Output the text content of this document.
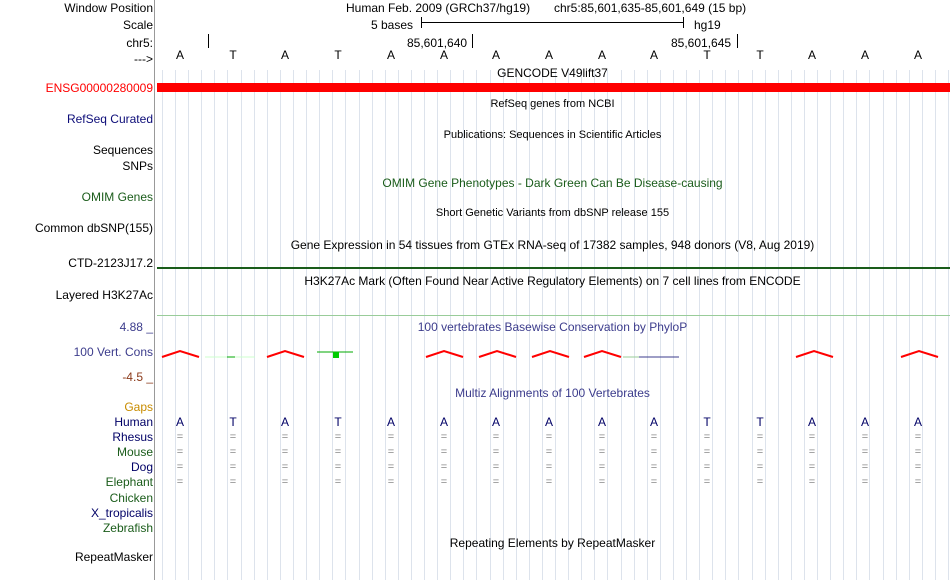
Window Position
Scale
chr5:
--->
Human Feb. 2009 (GRCh37/hg19) chr5:85,601,635-85,601,649 (15 bp)
5 bases	hg19
85,601,640	85,601,645
A	T	A	T	A	A	A	A	A	A	T	T	A	A	A
GENCODE V49lift37
ENSG00000280009
RefSeq genes from NCBI
RefSeq Curated
Publications: Sequences in Scientific Articles
Sequences
SNPs
OMIM Gene Phenotypes - Dark Green Can Be Disease-causing
OMIM Genes
Short Genetic Variants from dbSNP release 155
Common dbSNP(155)
Gene Expression in 54 tissues from GTEx RNA-seq of 17382 samples, 948 donors (V8, Aug 2019)
CTD-2123J17.2
H3K27Ac Mark (Often Found Near Active Regulatory Elements) on 7 cell lines from ENCODE
Layered H3K27Ac
100 vertebrates Basewise Conservation by PhyloP
4.88 _
100 Vert. Cons
-4.5 _
Multiz Alignments of 100 Vertebrates
Gaps
Human
Rhesus
Mouse
Dog
Elephant
Chicken
X_tropicalis
Zebrafish
A	T	A	T	A	A	A	A	A	A	T	T	A	A	A
=	=	=	=	=	=	=	=	=	=	=	=	=	=	=
=	=	=	=	=	=	=	=	=	=	=	=	=	=	=
=	=	=	=	=	=	=	=	=	=	=	=	=	=	=
=	=	=	=	=	=	=	=	=	=	=	=	=	=	=
Repeating Elements by RepeatMasker
RepeatMasker
